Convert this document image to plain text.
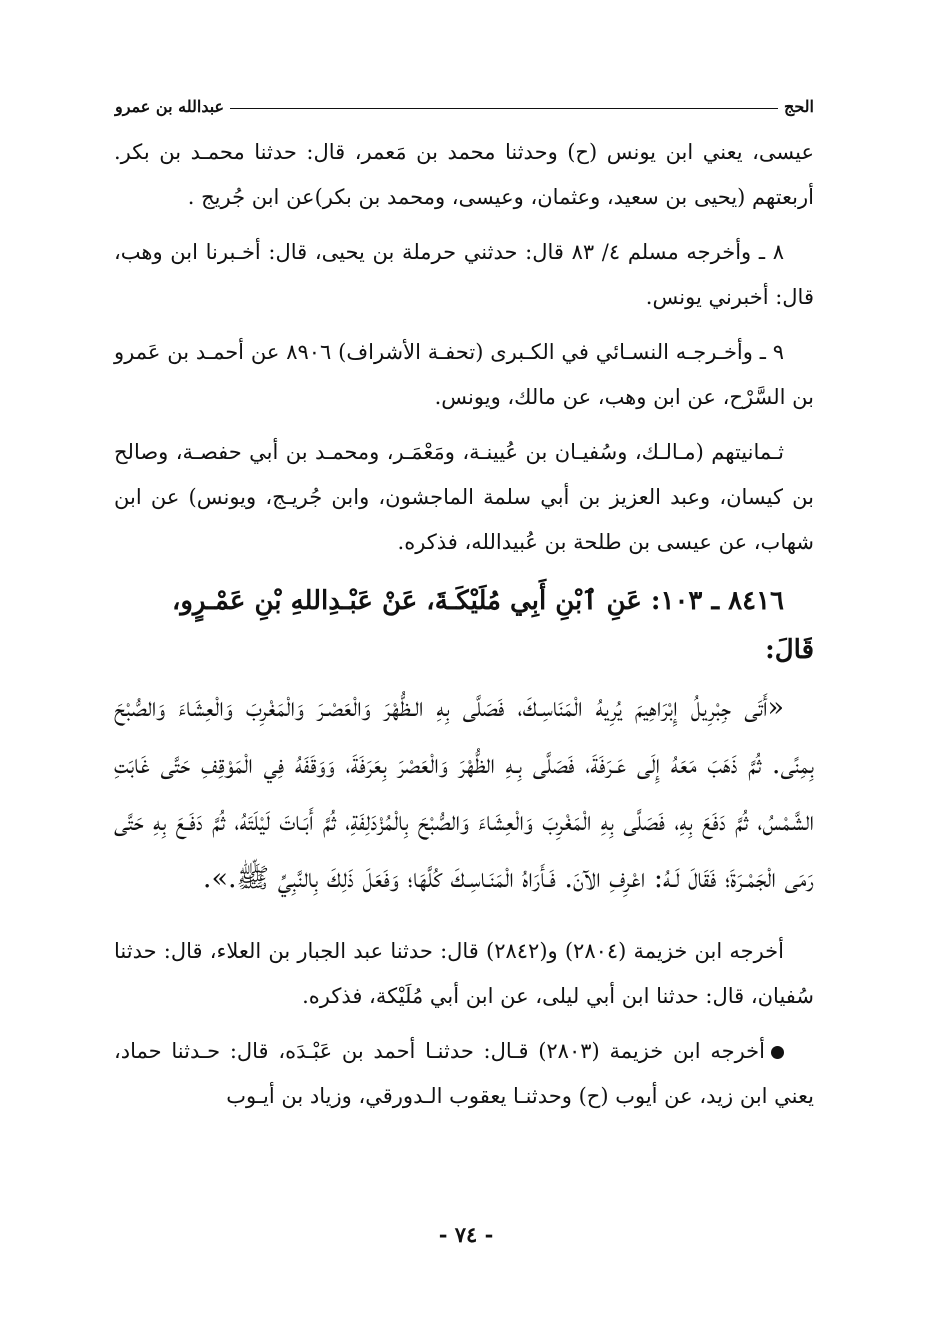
الحج
عبدالله بن عمرو

عيسى، يعني ابن يونس (ح) وحدثنا محمد بن مَعمر، قال: حدثنا محمـد بن بكر. أربعتهم (يحيى بن سعيد، وعثمان، وعيسى، ومحمد بن بكر)عن ابن جُريج .

٨ ـ وأخرجه مسلم ٤/ ٨٣ قال: حدثني حرملة بن يحيى، قال: أخـبرنا ابن وهب، قال: أخبرني يونس.

٩ ـ وأخـرجـه النسـائي في الكـبرى (تحفـة الأشراف) ٨٩٠٦ عن أحمـد بن عَمرو بن السَّرْح، عن ابن وهب، عن مالك، ويونس.

ثـمانيتهم (مـالـك، وسُفيـان بن عُيينـة، ومَعْمَـر، ومحمـد بن أبي حفصـة، وصالح بن كيسان، وعبد العزيز بن أبي سلمة الماجشون، وابن جُريـج، ويونس) عن ابن شهاب، عن عيسى بن طلحة بن عُبيدالله، فذكره.

٨٤١٦ ـ ١٠٣: عَنِ ٱبْنِ أَبِي مُلَيْكَـةَ، عَنْ عَبْـدِاللهِ بْنِ عَمْـرٍو،

قَالَ:

«أَتَى جِبْرِيلُ إِبْرَاهِيمَ يُرِيهُ الْمَنَاسِـكَ، فَصَلَّى بِهِ الـظُّهْرَ وَالْعَصْـرَ وَالْمَغْرِبَ وَالْعِشَاءَ وَالصُّبْحَ بِمِنًى. ثُمَّ ذَهَبَ مَعَهُ إِلَى عَـرَفَةَ، فَصَلَّى بِـهِ الظُّهْرَ وَالْعَصْرَ بِعَرَفَةَ، وَوَقَفَهُ فِي الْمَوْقِفِ حَتَّى غَابَتِ الشَّمْسُ، ثُمَّ دَفَعَ بِهِ، فَصَلَّى بِهِ الْمَغْرِبَ وَالْعِشَاءَ وَالصُّبْحَ بِالْمُزْدَلِفَةِ، ثُمَّ أَبَـاتَ لَيْلَتَهُ، ثُمَّ دَفَـعَ بِهِ حَتَّى رَمَى الْجَمْـرَةَ؛ فَقَالَ لَـهُ: اعْرِفِ الآنَ. فَـأَرَاهُ الْمَنَـاسِـكَ كُلَّهَا؛ وَفَعَلَ ذَلِكَ بِالنَّبِيِّ ﷺ.».

أخرجه ابن خزيمة (٢٨٠٤) و(٢٨٤٢) قال: حدثنا عبد الجبار بن العلاء، قال: حدثنا سُفيان، قال: حدثنا ابن أبي ليلى، عن ابن أبي مُلَيْكة، فذكره.

أخرجه ابن خزيمة (٢٨٠٣) قـال: حدثنـا أحمد بن عَبْـدَه، قال: حـدثنا حماد، يعني ابن زيد، عن أيوب (ح) وحدثنـا يعقوب الـدورقي، وزياد بن أيـوب

- ٧٤ -
